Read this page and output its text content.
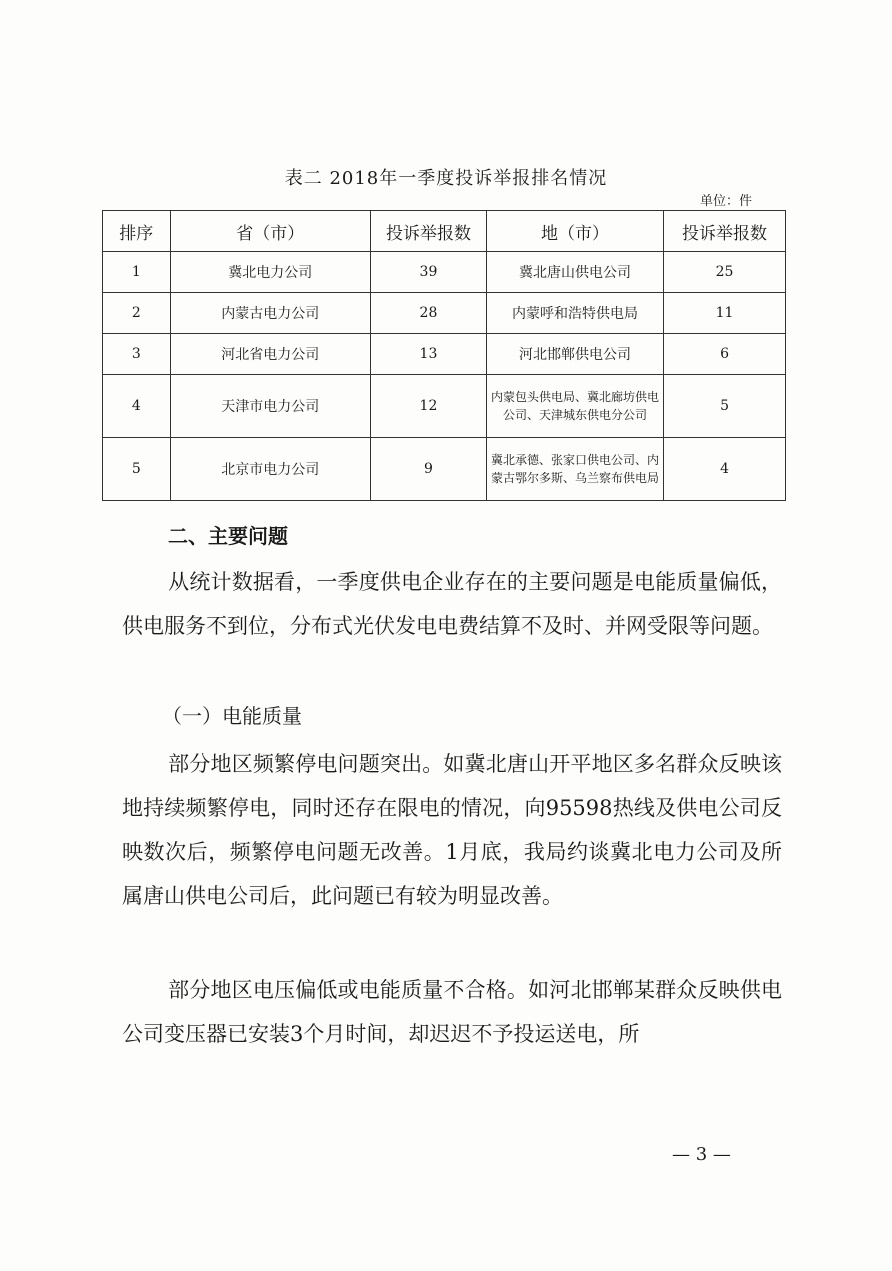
表二 2018年一季度投诉举报排名情况
单位：件
排序	省（市）	投诉举报数	地（市）	投诉举报数
1	冀北电力公司	39	冀北唐山供电公司	25
2	内蒙古电力公司	28	内蒙呼和浩特供电局	11
3	河北省电力公司	13	河北邯郸供电公司	6
4	天津市电力公司	12	内蒙包头供电局、冀北廊坊供电公司、天津城东供电分公司	5
5	北京市电力公司	9	冀北承德、张家口供电公司、内蒙古鄂尔多斯、乌兰察布供电局	4
二、主要问题
从统计数据看，一季度供电企业存在的主要问题是电能质量偏低，供电服务不到位，分布式光伏发电电费结算不及时、并网受限等问题。
（一）电能质量
部分地区频繁停电问题突出。如冀北唐山开平地区多名群众反映该地持续频繁停电，同时还存在限电的情况，向95598热线及供电公司反映数次后，频繁停电问题无改善。1月底，我局约谈冀北电力公司及所属唐山供电公司后，此问题已有较为明显改善。
部分地区电压偏低或电能质量不合格。如河北邯郸某群众反映供电公司变压器已安装3个月时间，却迟迟不予投运送电，所
— 3 —
